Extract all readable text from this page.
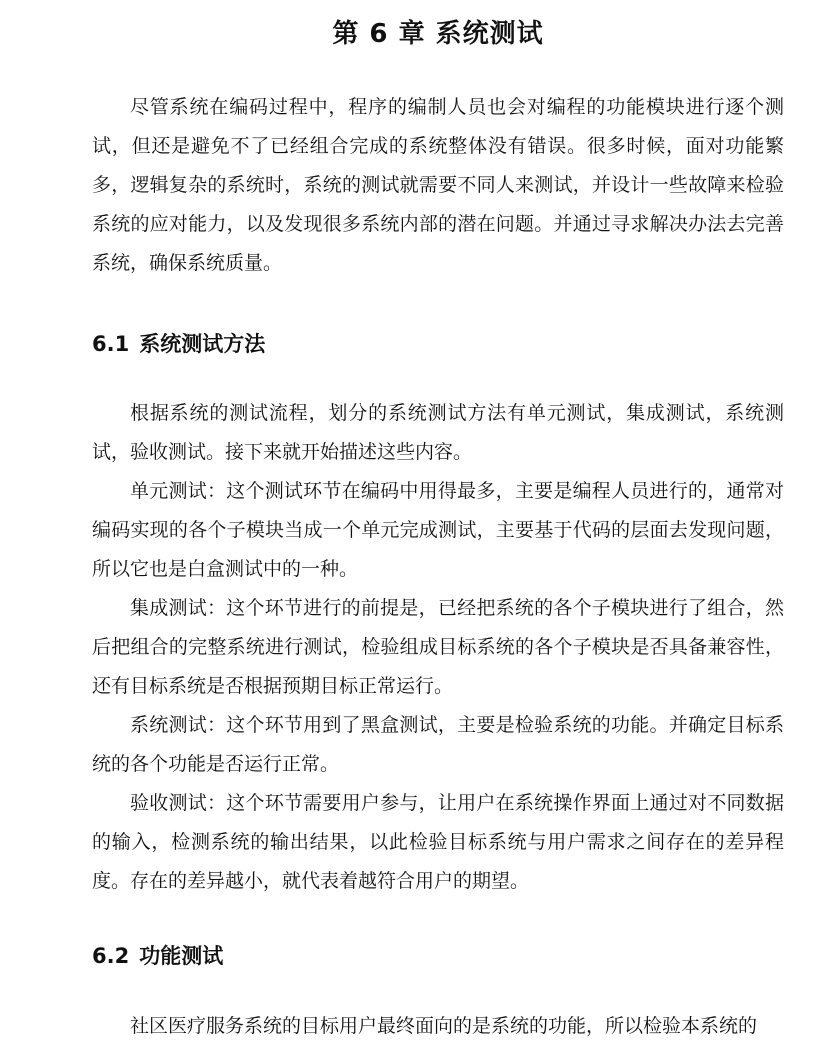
第 6 章 系统测试

尽管系统在编码过程中，程序的编制人员也会对编程的功能模块进行逐个测试，但还是避免不了已经组合完成的系统整体没有错误。很多时候，面对功能繁多，逻辑复杂的系统时，系统的测试就需要不同人来测试，并设计一些故障来检验系统的应对能力，以及发现很多系统内部的潜在问题。并通过寻求解决办法去完善系统，确保系统质量。

6.1 系统测试方法

根据系统的测试流程，划分的系统测试方法有单元测试，集成测试，系统测试，验收测试。接下来就开始描述这些内容。

单元测试：这个测试环节在编码中用得最多，主要是编程人员进行的，通常对编码实现的各个子模块当成一个单元完成测试，主要基于代码的层面去发现问题，所以它也是白盒测试中的一种。

集成测试：这个环节进行的前提是，已经把系统的各个子模块进行了组合，然后把组合的完整系统进行测试，检验组成目标系统的各个子模块是否具备兼容性，还有目标系统是否根据预期目标正常运行。

系统测试：这个环节用到了黑盒测试，主要是检验系统的功能。并确定目标系统的各个功能是否运行正常。

验收测试：这个环节需要用户参与，让用户在系统操作界面上通过对不同数据的输入，检测系统的输出结果，以此检验目标系统与用户需求之间存在的差异程度。存在的差异越小，就代表着越符合用户的期望。

6.2 功能测试

社区医疗服务系统的目标用户最终面向的是系统的功能，所以检验本系统的
